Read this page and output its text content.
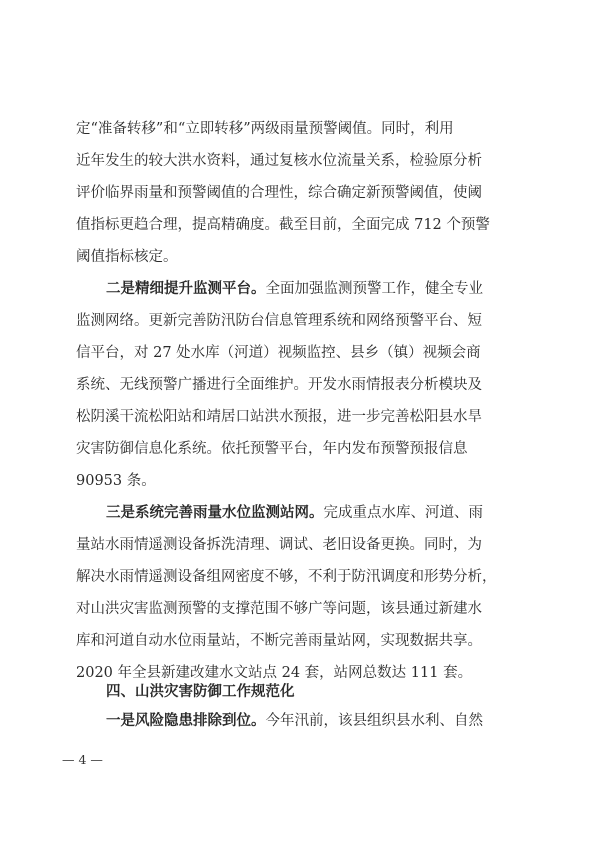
定“准备转移”和“立即转移”两级雨量预警阈值。同时，利用
近年发生的较大洪水资料，通过复核水位流量关系，检验原分析
评价临界雨量和预警阈值的合理性，综合确定新预警阈值，使阈
值指标更趋合理，提高精确度。截至目前，全面完成 712 个预警
阈值指标核定。
二是精细提升监测平台。全面加强监测预警工作，健全专业
监测网络。更新完善防汛防台信息管理系统和网络预警平台、短
信平台，对 27 处水库（河道）视频监控、县乡（镇）视频会商
系统、无线预警广播进行全面维护。开发水雨情报表分析模块及
松阴溪干流松阳站和靖居口站洪水预报，进一步完善松阳县水旱
灾害防御信息化系统。依托预警平台，年内发布预警预报信息
90953 条。
三是系统完善雨量水位监测站网。完成重点水库、河道、雨
量站水雨情遥测设备拆洗清理、调试、老旧设备更换。同时，为
解决水雨情遥测设备组网密度不够，不利于防汛调度和形势分析，
对山洪灾害监测预警的支撑范围不够广等问题，该县通过新建水
库和河道自动水位雨量站，不断完善雨量站网，实现数据共享。
2020 年全县新建改建水文站点 24 套，站网总数达 111 套。
四、山洪灾害防御工作规范化
一是风险隐患排除到位。今年汛前，该县组织县水利、自然
— 4 —
